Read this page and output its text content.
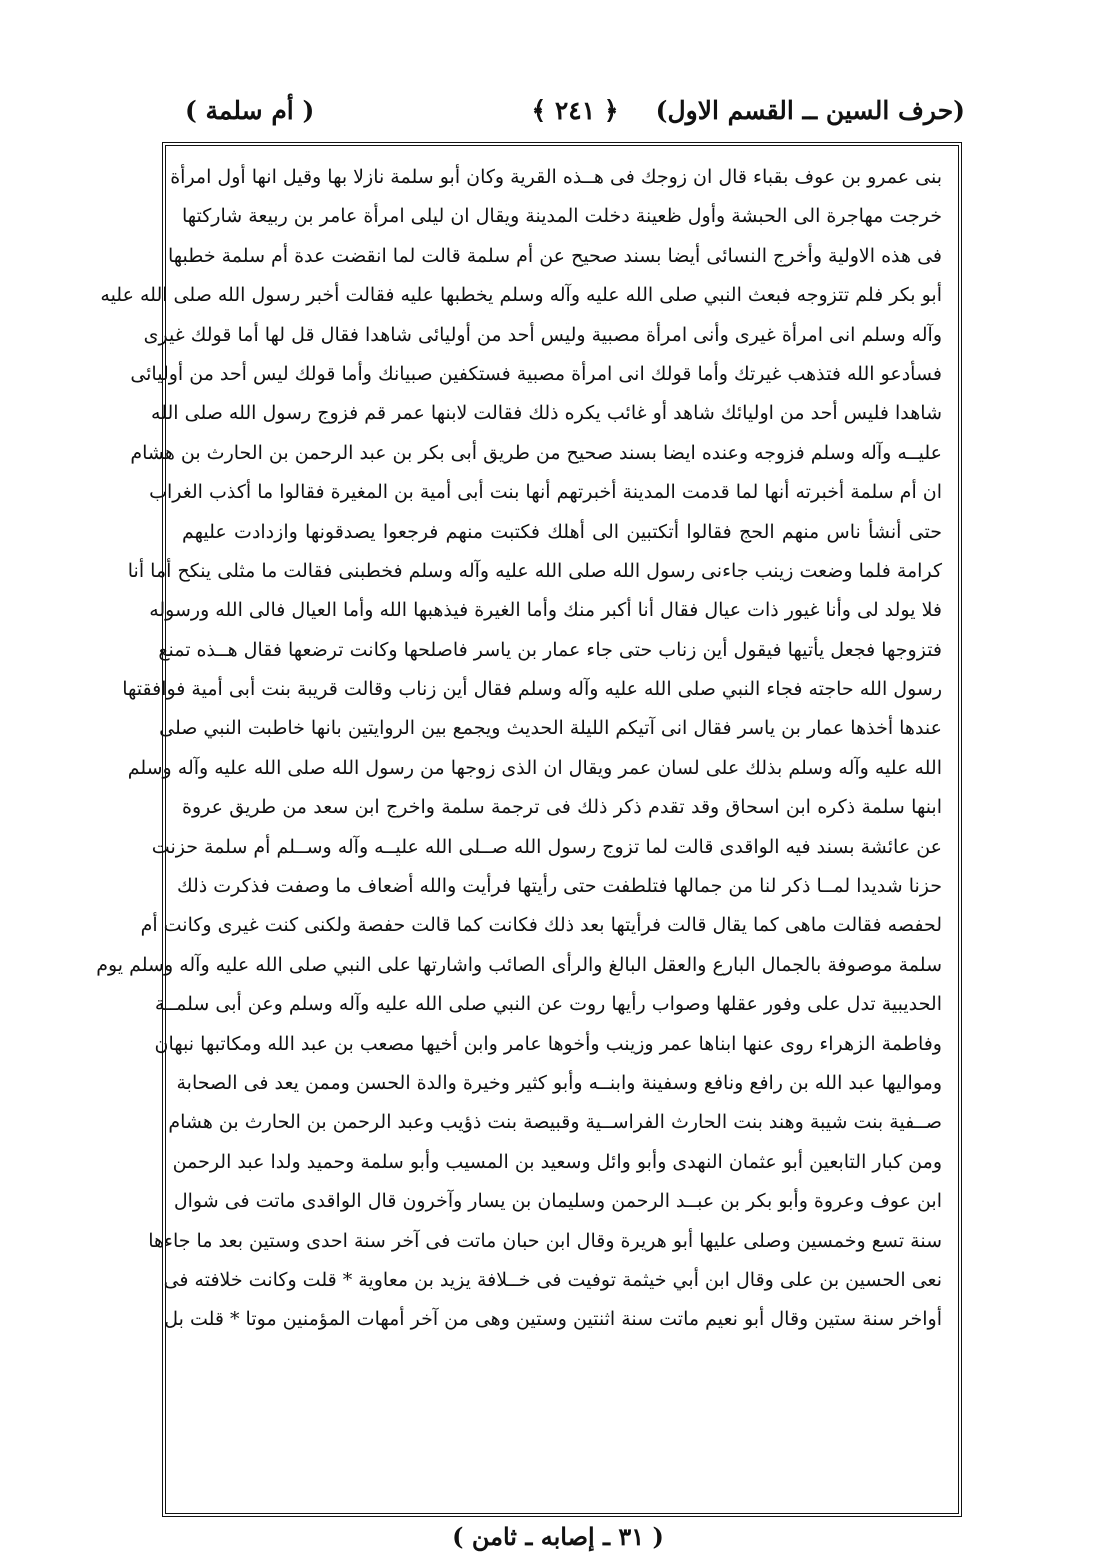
(حرف السين ــ القسم الاول)
﴿ ٢٤١ ﴾
( أم سلمة )
بنى عمرو بن عوف بقباء قال ان زوجك فى هــذه القرية وكان أبو سلمة نازلا بها وقيل انها أول امرأة
خرجت مهاجرة الى الحبشة وأول ظعينة دخلت المدينة ويقال ان ليلى امرأة عامر بن ربيعة شاركتها
فى هذه الاولية وأخرج النسائى أيضا بسند صحيح عن أم سلمة قالت لما انقضت عدة أم سلمة خطبها
أبو بكر فلم تتزوجه فبعث النبي صلى الله عليه وآله وسلم يخطبها عليه فقالت أخبر رسول الله صلى الله عليه
وآله وسلم انى امرأة غيرى وأنى امرأة مصبية وليس أحد من أوليائى شاهدا فقال قل لها أما قولك غيرى
فسأدعو الله فتذهب غيرتك وأما قولك انى امرأة مصبية فستكفين صبيانك وأما قولك ليس أحد من أوليائى
شاهدا فليس أحد من اوليائك شاهد أو غائب يكره ذلك فقالت لابنها عمر قم فزوج رسول الله صلى الله
عليــه وآله وسلم فزوجه وعنده ايضا بسند صحيح من طريق أبى بكر بن عبد الرحمن بن الحارث بن هشام
ان أم سلمة أخبرته أنها لما قدمت المدينة أخبرتهم أنها بنت أبى أمية بن المغيرة فقالوا ما أكذب الغراب
حتى أنشأ ناس منهم الحج فقالوا أتكتبين الى أهلك فكتبت منهم فرجعوا يصدقونها وازدادت عليهم
كرامة فلما وضعت زينب جاءنى رسول الله صلى الله عليه وآله وسلم فخطبنى فقالت ما مثلى ينكح أما أنا
فلا يولد لى وأنا غيور ذات عيال فقال أنا أكبر منك وأما الغيرة فيذهبها الله وأما العيال فالى الله ورسوله
فتزوجها فجعل يأتيها فيقول أين زناب حتى جاء عمار بن ياسر فاصلحها وكانت ترضعها فقال هــذه تمنع
رسول الله حاجته فجاء النبي صلى الله عليه وآله وسلم فقال أين زناب وقالت قريبة بنت أبى أمية فوافقتها
عندها أخذها عمار بن ياسر فقال انى آتيكم الليلة الحديث ويجمع بين الروايتين بانها خاطبت النبي صلى
الله عليه وآله وسلم بذلك على لسان عمر ويقال ان الذى زوجها من رسول الله صلى الله عليه وآله وسلم
ابنها سلمة ذكره ابن اسحاق وقد تقدم ذكر ذلك فى ترجمة سلمة واخرج ابن سعد من طريق عروة
عن عائشة بسند فيه الواقدى قالت لما تزوج رسول الله صــلى الله عليــه وآله وســلم أم سلمة حزنت
حزنا شديدا لمــا ذكر لنا من جمالها فتلطفت حتى رأيتها فرأيت والله أضعاف ما وصفت فذكرت ذلك
لحفصه فقالت ماهى كما يقال قالت فرأيتها بعد ذلك فكانت كما قالت حفصة ولكنى كنت غيرى وكانت أم
سلمة موصوفة بالجمال البارع والعقل البالغ والرأى الصائب واشارتها على النبي صلى الله عليه وآله وسلم يوم
الحديبية تدل على وفور عقلها وصواب رأيها روت عن النبي صلى الله عليه وآله وسلم وعن أبى سلمــة
وفاطمة الزهراء روى عنها ابناها عمر وزينب وأخوها عامر وابن أخيها مصعب بن عبد الله ومكاتبها نبهان
ومواليها عبد الله بن رافع ونافع وسفينة وابنــه وأبو كثير وخيرة والدة الحسن وممن يعد فى الصحابة
صــفية بنت شيبة وهند بنت الحارث الفراســية وقبيصة بنت ذؤيب وعبد الرحمن بن الحارث بن هشام
ومن كبار التابعين أبو عثمان النهدى وأبو وائل وسعيد بن المسيب وأبو سلمة وحميد ولدا عبد الرحمن
ابن عوف وعروة وأبو بكر بن عبــد الرحمن وسليمان بن يسار وآخرون قال الواقدى ماتت فى شوال
سنة تسع وخمسين وصلى عليها أبو هريرة وقال ابن حبان ماتت فى آخر سنة احدى وستين بعد ما جاءها
نعى الحسين بن على وقال ابن أبي خيثمة توفيت فى خــلافة يزيد بن معاوية * قلت وكانت خلافته فى
أواخر سنة ستين وقال أبو نعيم ماتت سنة اثنتين وستين وهى من آخر أمهات المؤمنين موتا * قلت بل
( ٣١ ـ إصابه ـ ثامن )
